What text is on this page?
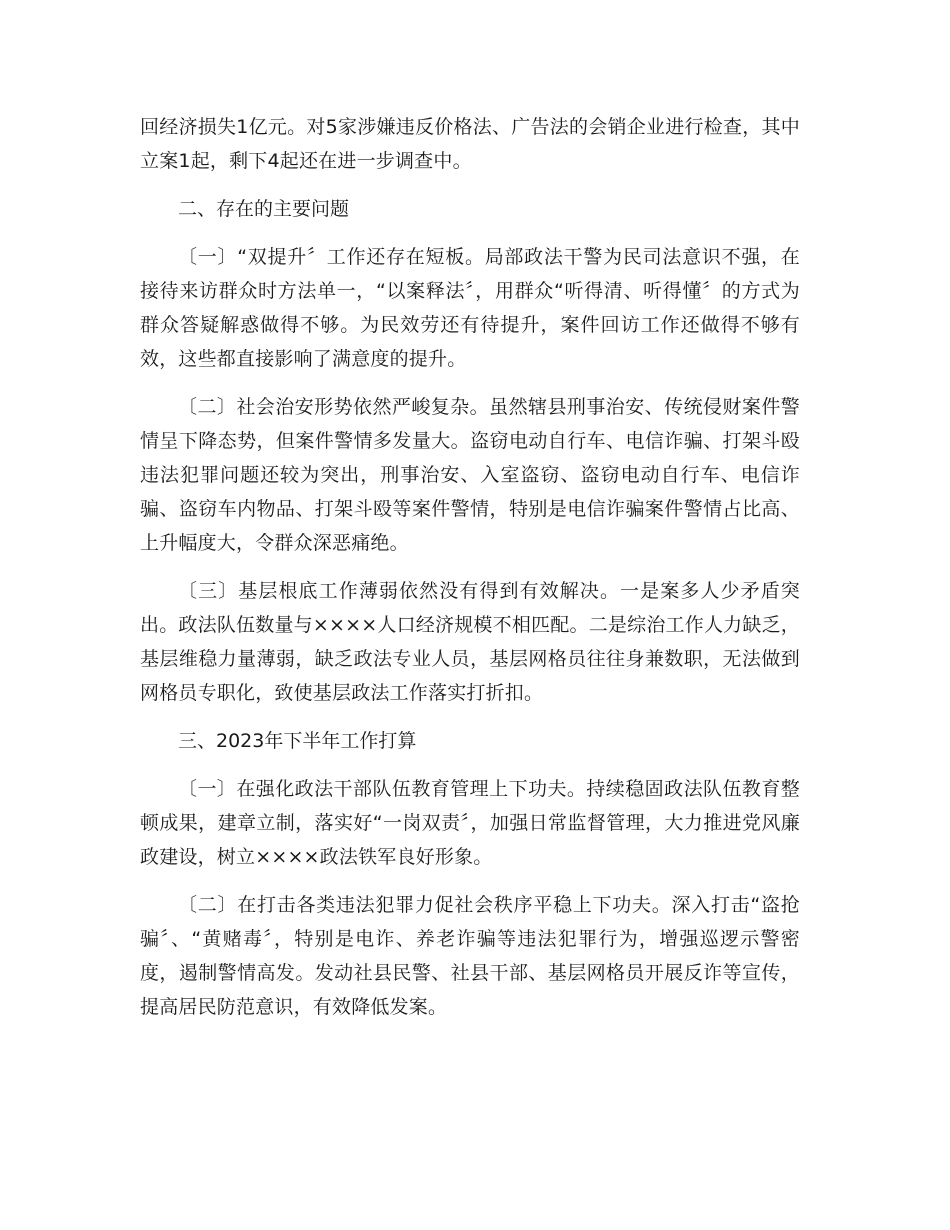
回经济损失1亿元。对5家涉嫌违反价格法、广告法的会销企业进行检查，其中立案1起，剩下4起还在进一步调查中。

二、存在的主要问题

〔一〕“双提升〞工作还存在短板。局部政法干警为民司法意识不强，在接待来访群众时方法单一，“以案释法〞，用群众“听得清、听得懂〞的方式为群众答疑解惑做得不够。为民效劳还有待提升，案件回访工作还做得不够有效，这些都直接影响了满意度的提升。

〔二〕社会治安形势依然严峻复杂。虽然辖县刑事治安、传统侵财案件警情呈下降态势，但案件警情多发量大。盗窃电动自行车、电信诈骗、打架斗殴违法犯罪问题还较为突出，刑事治安、入室盗窃、盗窃电动自行车、电信诈骗、盗窃车内物品、打架斗殴等案件警情，特别是电信诈骗案件警情占比高、上升幅度大，令群众深恶痛绝。

〔三〕基层根底工作薄弱依然没有得到有效解决。一是案多人少矛盾突出。政法队伍数量与××××人口经济规模不相匹配。二是综治工作人力缺乏，基层维稳力量薄弱，缺乏政法专业人员，基层网格员往往身兼数职，无法做到网格员专职化，致使基层政法工作落实打折扣。

三、2023年下半年工作打算

〔一〕在强化政法干部队伍教育管理上下功夫。持续稳固政法队伍教育整顿成果，建章立制，落实好“一岗双责〞，加强日常监督管理，大力推进党风廉政建设，树立××××政法铁军良好形象。

〔二〕在打击各类违法犯罪力促社会秩序平稳上下功夫。深入打击“盗抢骗〞、“黄赌毒〞，特别是电诈、养老诈骗等违法犯罪行为，增强巡逻示警密度，遏制警情高发。发动社县民警、社县干部、基层网格员开展反诈等宣传，提高居民防范意识，有效降低发案。
